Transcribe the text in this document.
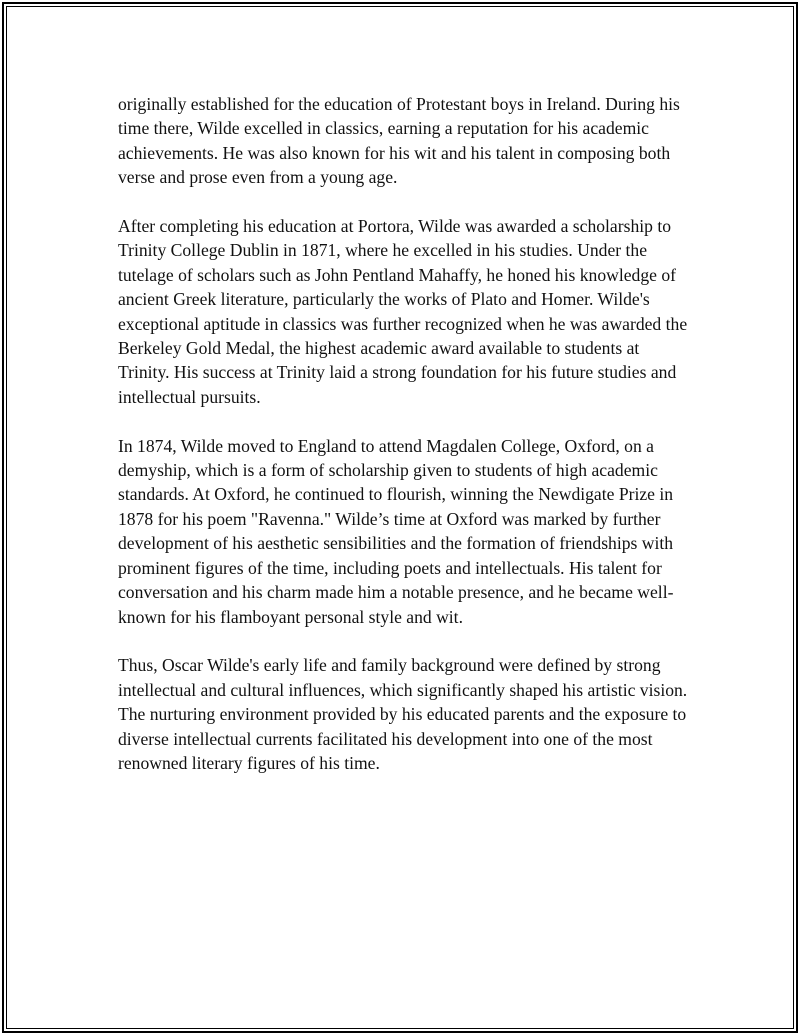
originally established for the education of Protestant boys in Ireland. During his time there, Wilde excelled in classics, earning a reputation for his academic achievements. He was also known for his wit and his talent in composing both verse and prose even from a young age.

After completing his education at Portora, Wilde was awarded a scholarship to Trinity College Dublin in 1871, where he excelled in his studies. Under the tutelage of scholars such as John Pentland Mahaffy, he honed his knowledge of ancient Greek literature, particularly the works of Plato and Homer. Wilde's exceptional aptitude in classics was further recognized when he was awarded the Berkeley Gold Medal, the highest academic award available to students at Trinity. His success at Trinity laid a strong foundation for his future studies and intellectual pursuits.

In 1874, Wilde moved to England to attend Magdalen College, Oxford, on a demyship, which is a form of scholarship given to students of high academic standards. At Oxford, he continued to flourish, winning the Newdigate Prize in 1878 for his poem "Ravenna." Wilde’s time at Oxford was marked by further development of his aesthetic sensibilities and the formation of friendships with prominent figures of the time, including poets and intellectuals. His talent for conversation and his charm made him a notable presence, and he became well-known for his flamboyant personal style and wit.

Thus, Oscar Wilde's early life and family background were defined by strong intellectual and cultural influences, which significantly shaped his artistic vision. The nurturing environment provided by his educated parents and the exposure to diverse intellectual currents facilitated his development into one of the most renowned literary figures of his time.
